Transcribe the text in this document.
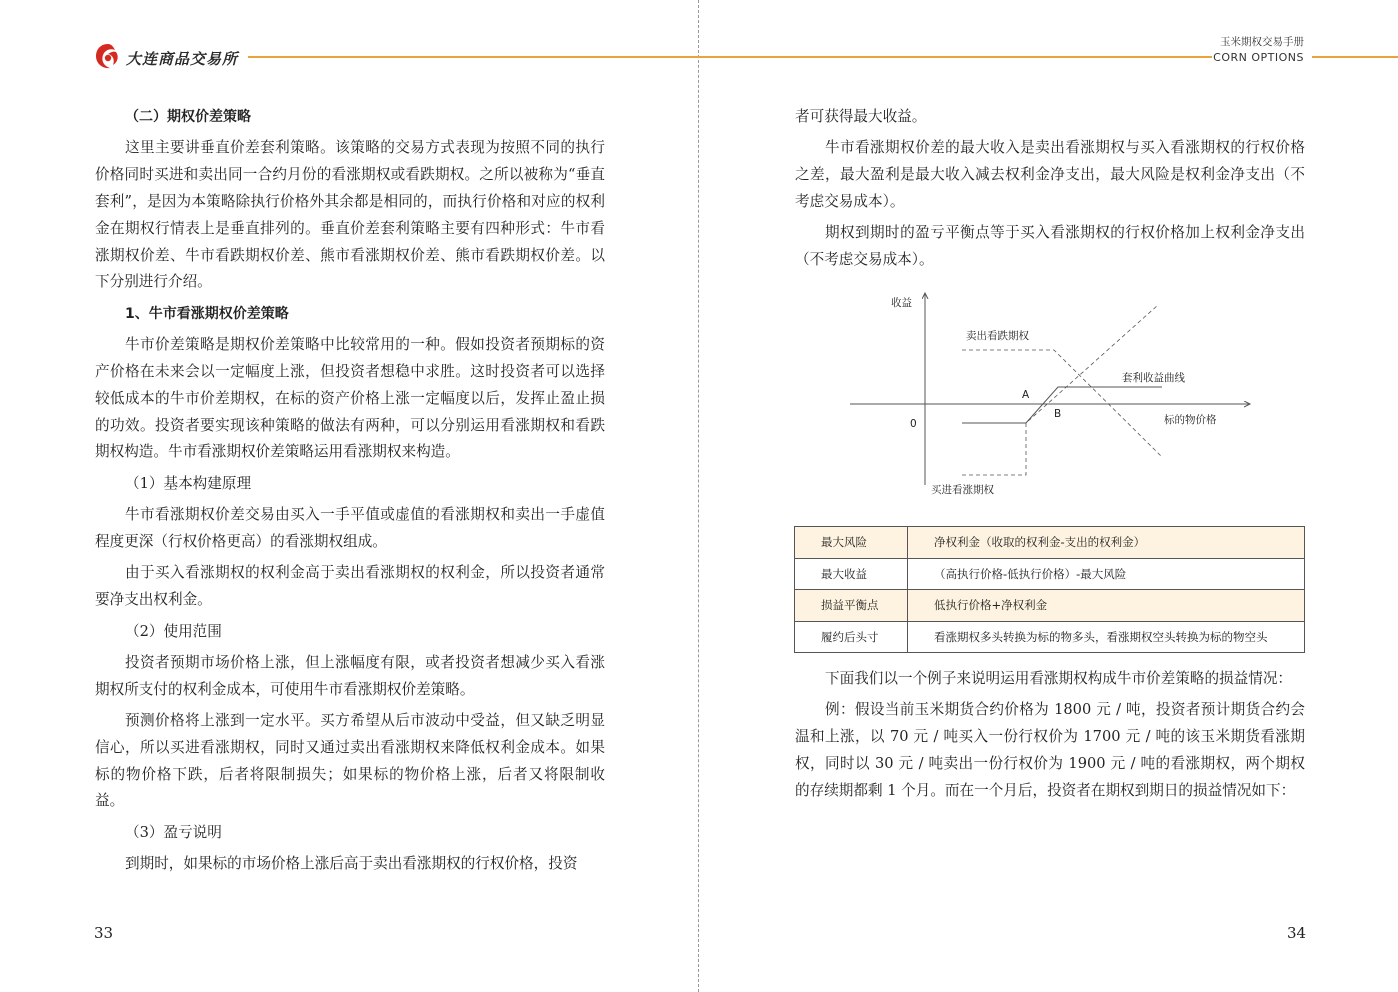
大连商品交易所
玉米期权交易手册
CORN OPTIONS

（二）期权价差策略

这里主要讲垂直价差套利策略。该策略的交易方式表现为按照不同的执行价格同时买进和卖出同一合约月份的看涨期权或看跌期权。之所以被称为“垂直套利”，是因为本策略除执行价格外其余都是相同的，而执行价格和对应的权利金在期权行情表上是垂直排列的。垂直价差套利策略主要有四种形式：牛市看涨期权价差、牛市看跌期权价差、熊市看涨期权价差、熊市看跌期权价差。以下分别进行介绍。

1、牛市看涨期权价差策略

牛市价差策略是期权价差策略中比较常用的一种。假如投资者预期标的资产价格在未来会以一定幅度上涨，但投资者想稳中求胜。这时投资者可以选择较低成本的牛市价差期权，在标的资产价格上涨一定幅度以后，发挥止盈止损的功效。投资者要实现该种策略的做法有两种，可以分别运用看涨期权和看跌期权构造。牛市看涨期权价差策略运用看涨期权来构造。

（1）基本构建原理

牛市看涨期权价差交易由买入一手平值或虚值的看涨期权和卖出一手虚值程度更深（行权价格更高）的看涨期权组成。

由于买入看涨期权的权利金高于卖出看涨期权的权利金，所以投资者通常要净支出权利金。

（2）使用范围

投资者预期市场价格上涨，但上涨幅度有限，或者投资者想减少买入看涨期权所支付的权利金成本，可使用牛市看涨期权价差策略。

预测价格将上涨到一定水平。买方希望从后市波动中受益，但又缺乏明显信心，所以买进看涨期权，同时又通过卖出看涨期权来降低权利金成本。如果标的物价格下跌，后者将限制损失；如果标的物价格上涨，后者又将限制收益。

（3）盈亏说明

到期时，如果标的市场价格上涨后高于卖出看涨期权的行权价格，投资

33

者可获得最大收益。

牛市看涨期权价差的最大收入是卖出看涨期权与买入看涨期权的行权价格之差，最大盈利是最大收入减去权利金净支出，最大风险是权利金净支出（不考虑交易成本）。

期权到期时的盈亏平衡点等于买入看涨期权的行权价格加上权利金净支出（不考虑交易成本）。

收益
0	标的物价格
卖出看跌期权
买进看涨期权
套利收益曲线
A
B
最大风险	净权利金（收取的权利金-支出的权利金）
最大收益	（高执行价格-低执行价格）-最大风险
损益平衡点	低执行价格+净权利金
履约后头寸	看涨期权多头转换为标的物多头，看涨期权空头转换为标的物空头

下面我们以一个例子来说明运用看涨期权构成牛市价差策略的损益情况：

例：假设当前玉米期货合约价格为 1800 元 / 吨，投资者预计期货合约会温和上涨，以 70 元 / 吨买入一份行权价为 1700 元 / 吨的该玉米期货看涨期权，同时以 30 元 / 吨卖出一份行权价为 1900 元 / 吨的看涨期权，两个期权的存续期都剩 1 个月。而在一个月后，投资者在期权到期日的损益情况如下：

34
